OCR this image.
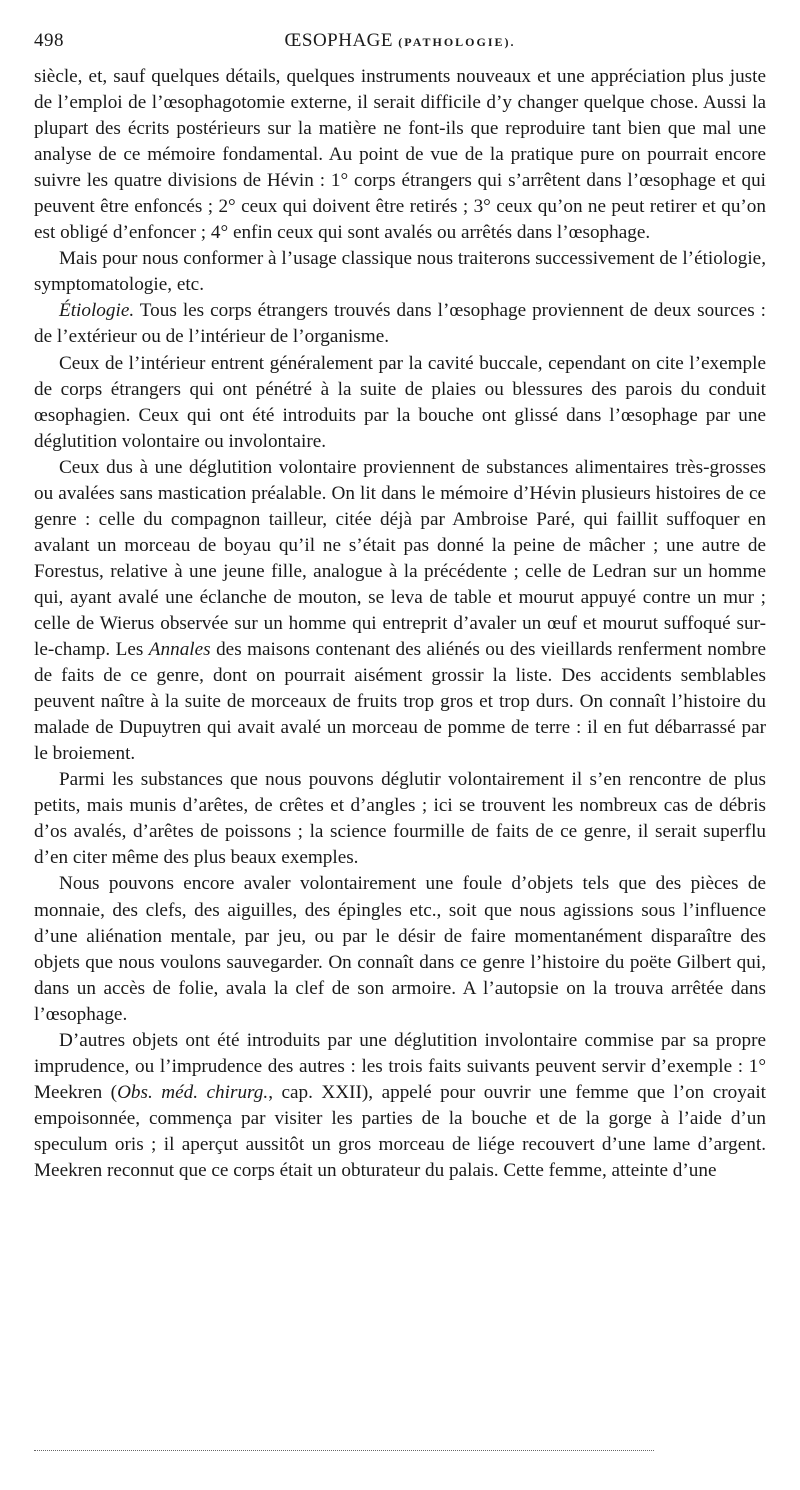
498	ŒSOPHAGE (PATHOLOGIE).

siècle, et, sauf quelques détails, quelques instruments nouveaux et une appréciation plus juste de l’emploi de l’œsophagotomie externe, il serait difficile d’y changer quelque chose. Aussi la plupart des écrits postérieurs sur la matière ne font-ils que reproduire tant bien que mal une analyse de ce mémoire fondamental. Au point de vue de la pratique pure on pourrait encore suivre les quatre divisions de Hévin : 1° corps étrangers qui s’arrêtent dans l’œsophage et qui peuvent être enfoncés ; 2° ceux qui doivent être retirés ; 3° ceux qu’on ne peut retirer et qu’on est obligé d’enfoncer ; 4° enfin ceux qui sont avalés ou arrêtés dans l’œsophage.

Mais pour nous conformer à l’usage classique nous traiterons successivement de l’étiologie, symptomatologie, etc.

Étiologie. Tous les corps étrangers trouvés dans l’œsophage proviennent de deux sources : de l’extérieur ou de l’intérieur de l’organisme.

Ceux de l’intérieur entrent généralement par la cavité buccale, cependant on cite l’exemple de corps étrangers qui ont pénétré à la suite de plaies ou blessures des parois du conduit œsophagien. Ceux qui ont été introduits par la bouche ont glissé dans l’œsophage par une déglutition volontaire ou involontaire.

Ceux dus à une déglutition volontaire proviennent de substances alimentaires très-grosses ou avalées sans mastication préalable. On lit dans le mémoire d’Hévin plusieurs histoires de ce genre : celle du compagnon tailleur, citée déjà par Ambroise Paré, qui faillit suffoquer en avalant un morceau de boyau qu’il ne s’était pas donné la peine de mâcher ; une autre de Forestus, relative à une jeune fille, analogue à la précédente ; celle de Ledran sur un homme qui, ayant avalé une éclanche de mouton, se leva de table et mourut appuyé contre un mur ; celle de Wierus observée sur un homme qui entreprit d’avaler un œuf et mourut suffoqué sur-le-champ. Les Annales des maisons contenant des aliénés ou des vieillards renferment nombre de faits de ce genre, dont on pourrait aisément grossir la liste. Des accidents semblables peuvent naître à la suite de morceaux de fruits trop gros et trop durs. On connaît l’histoire du malade de Dupuytren qui avait avalé un morceau de pomme de terre : il en fut débarrassé par le broiement.

Parmi les substances que nous pouvons déglutir volontairement il s’en rencontre de plus petits, mais munis d’arêtes, de crêtes et d’angles ; ici se trouvent les nombreux cas de débris d’os avalés, d’arêtes de poissons ; la science fourmille de faits de ce genre, il serait superflu d’en citer même des plus beaux exemples.

Nous pouvons encore avaler volontairement une foule d’objets tels que des pièces de monnaie, des clefs, des aiguilles, des épingles etc., soit que nous agissions sous l’influence d’une aliénation mentale, par jeu, ou par le désir de faire momentanément disparaître des objets que nous voulons sauvegarder. On connaît dans ce genre l’histoire du poëte Gilbert qui, dans un accès de folie, avala la clef de son armoire. A l’autopsie on la trouva arrêtée dans l’œsophage.

D’autres objets ont été introduits par une déglutition involontaire commise par sa propre imprudence, ou l’imprudence des autres : les trois faits suivants peuvent servir d’exemple : 1° Meekren (Obs. méd. chirurg., cap. XXII), appelé pour ouvrir une femme que l’on croyait empoisonnée, commença par visiter les parties de la bouche et de la gorge à l’aide d’un speculum oris ; il aperçut aussitôt un gros morceau de liége recouvert d’une lame d’argent. Meekren reconnut que ce corps était un obturateur du palais. Cette femme, atteinte d’une
